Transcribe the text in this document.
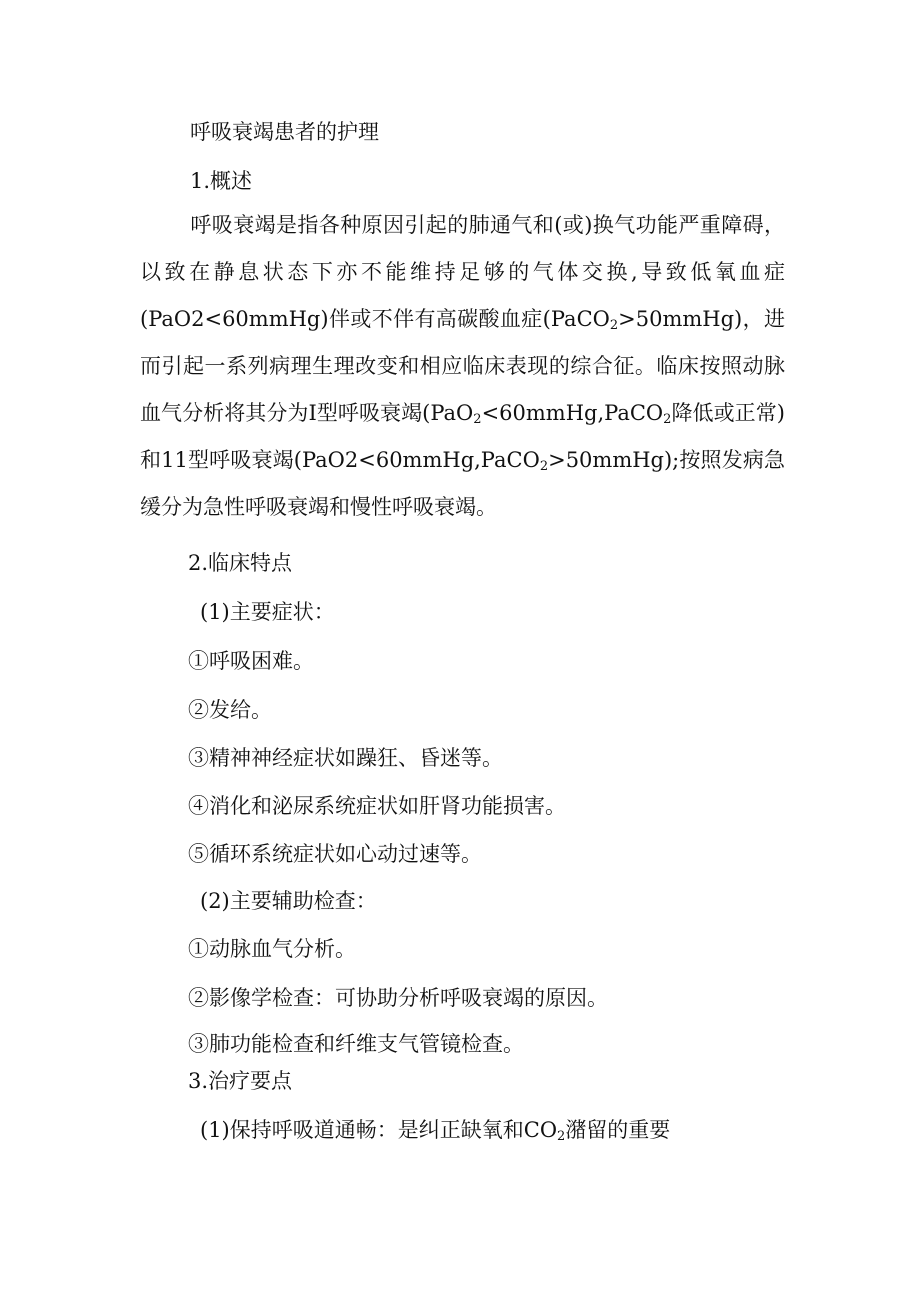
呼吸衰竭患者的护理

1.概述

呼吸衰竭是指各种原因引起的肺通气和(或)换气功能严重障碍，以致在静息状态下亦不能维持足够的气体交换,导致低氧血症(PaO2<60mmHg)伴或不伴有高碳酸血症(PaCO$_2$>50mmHg)，进而引起一系列病理生理改变和相应临床表现的综合征。临床按照动脉血气分析将其分为Ⅰ型呼吸衰竭(PaO$_2$<60mmHg,PaCO$_2$降低或正常)和11型呼吸衰竭(PaO2<60mmHg,PaCO$_2$>50mmHg);按照发病急缓分为急性呼吸衰竭和慢性呼吸衰竭。

2.临床特点

(1)主要症状：

①呼吸困难。

②发给。

③精神神经症状如躁狂、昏迷等。

④消化和泌尿系统症状如肝肾功能损害。

⑤循环系统症状如心动过速等。

(2)主要辅助检查：

①动脉血气分析。

②影像学检查：可协助分析呼吸衰竭的原因。

③肺功能检查和纤维支气管镜检查。

3.治疗要点

(1)保持呼吸道通畅：是纠正缺氧和$CO_2$潴留的重要
